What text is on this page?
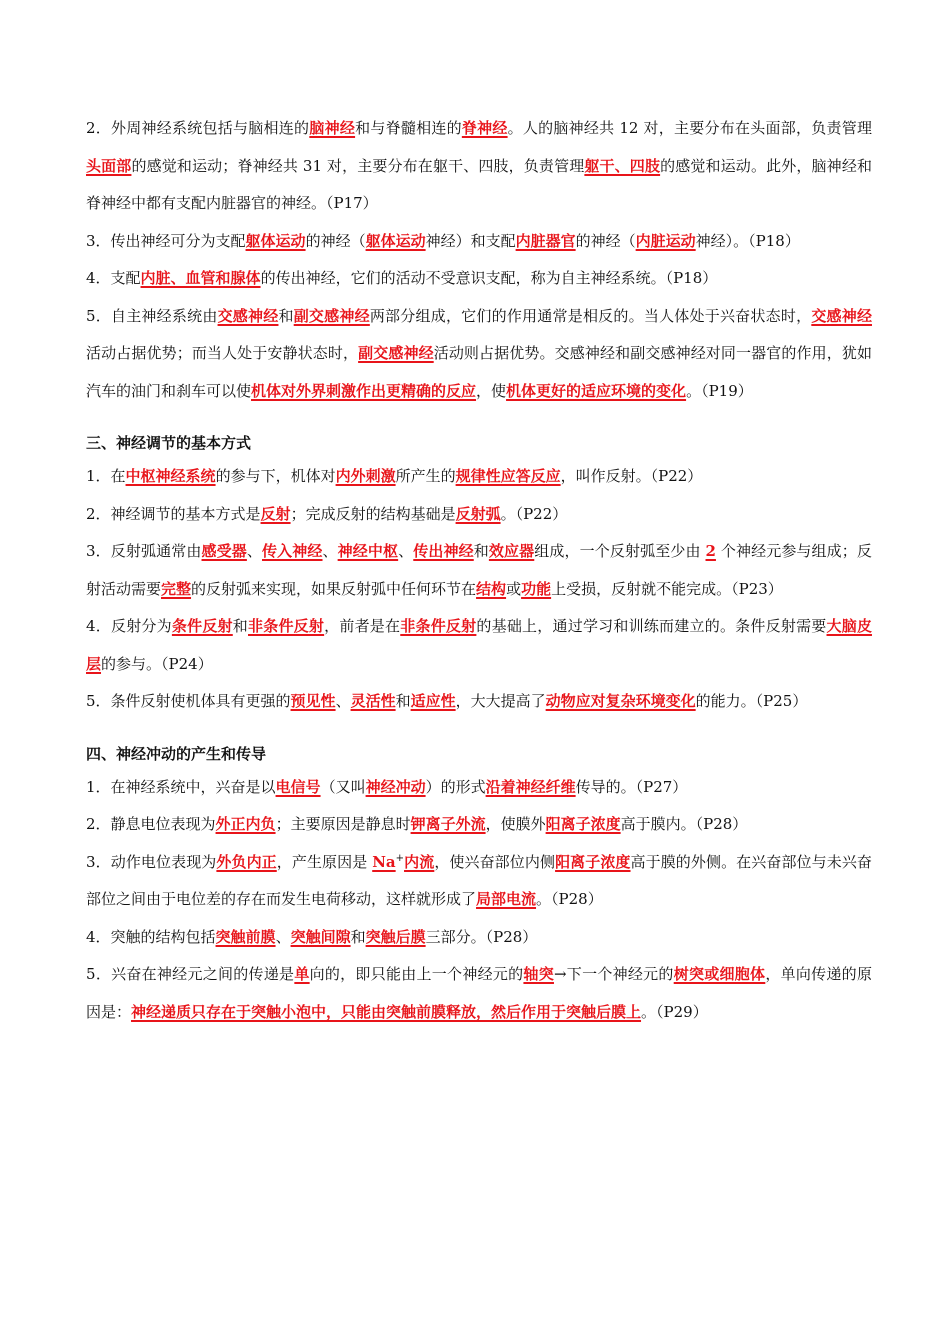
2．外周神经系统包括与脑相连的脑神经和与脊髓相连的脊神经。人的脑神经共 12 对，主要分布在头面部，负责管理头面部的感觉和运动；脊神经共 31 对，主要分布在躯干、四肢，负责管理躯干、四肢的感觉和运动。此外，脑神经和脊神经中都有支配内脏器官的神经。（P17）

3．传出神经可分为支配躯体运动的神经（躯体运动神经）和支配内脏器官的神经（内脏运动神经）。（P18）

4．支配内脏、血管和腺体的传出神经，它们的活动不受意识支配，称为自主神经系统。（P18）

5．自主神经系统由交感神经和副交感神经两部分组成，它们的作用通常是相反的。当人体处于兴奋状态时，交感神经活动占据优势；而当人处于安静状态时，副交感神经活动则占据优势。交感神经和副交感神经对同一器官的作用，犹如汽车的油门和刹车可以使机体对外界刺激作出更精确的反应，使机体更好的适应环境的变化。（P19）

三、神经调节的基本方式

1．在中枢神经系统的参与下，机体对内外刺激所产生的规律性应答反应，叫作反射。（P22）

2．神经调节的基本方式是反射；完成反射的结构基础是反射弧。（P22）

3．反射弧通常由感受器、传入神经、神经中枢、传出神经和效应器组成，一个反射弧至少由 2 个神经元参与组成；反射活动需要完整的反射弧来实现，如果反射弧中任何环节在结构或功能上受损，反射就不能完成。（P23）

4．反射分为条件反射和非条件反射，前者是在非条件反射的基础上，通过学习和训练而建立的。条件反射需要大脑皮层的参与。（P24）

5．条件反射使机体具有更强的预见性、灵活性和适应性，大大提高了动物应对复杂环境变化的能力。（P25）

四、神经冲动的产生和传导

1．在神经系统中，兴奋是以电信号（又叫神经冲动）的形式沿着神经纤维传导的。（P27）

2．静息电位表现为外正内负；主要原因是静息时钾离子外流，使膜外阳离子浓度高于膜内。（P28）

3．动作电位表现为外负内正，产生原因是 Na+内流，使兴奋部位内侧阳离子浓度高于膜的外侧。在兴奋部位与未兴奋部位之间由于电位差的存在而发生电荷移动，这样就形成了局部电流。（P28）

4．突触的结构包括突触前膜、突触间隙和突触后膜三部分。（P28）

5．兴奋在神经元之间的传递是单向的，即只能由上一个神经元的轴突→下一个神经元的树突或细胞体，单向传递的原因是：神经递质只存在于突触小泡中，只能由突触前膜释放，然后作用于突触后膜上。（P29）
